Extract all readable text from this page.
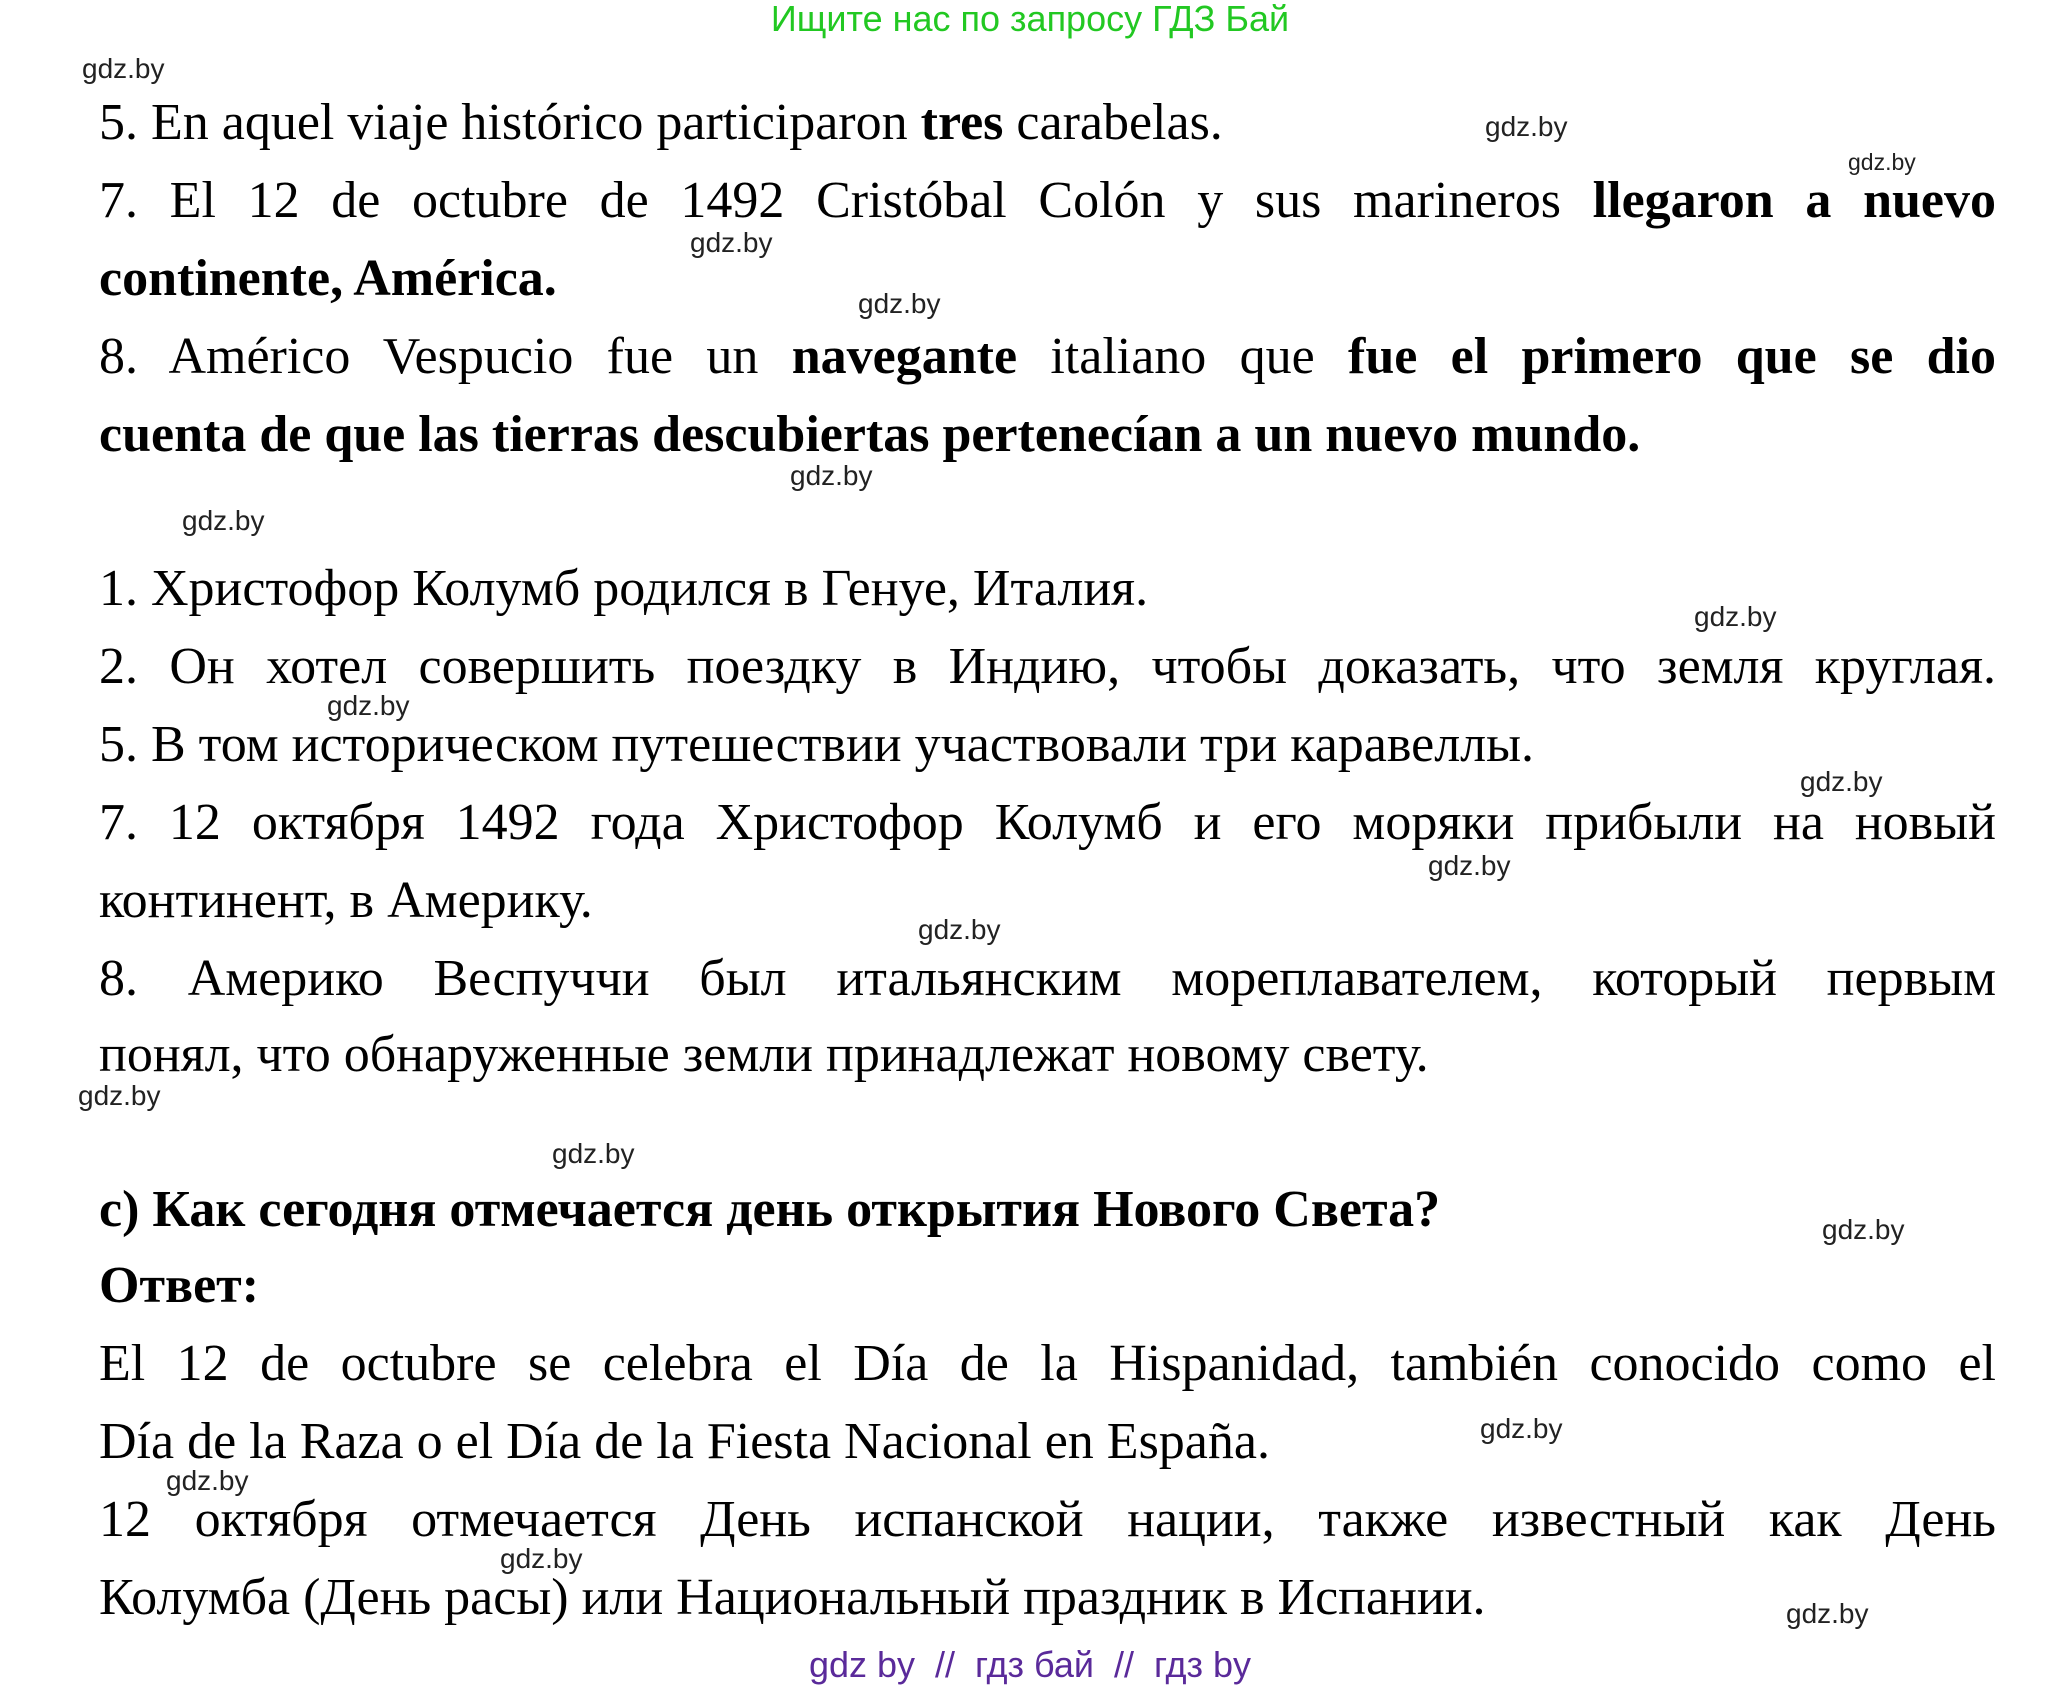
Ищите нас по запросу ГДЗ Бай
5. En aquel viaje histórico participaron tres carabelas.
7. El 12 de octubre de 1492 Cristóbal Colón y sus marineros llegaron a nuevo
continente, América.
8. Américo Vespucio fue un navegante italiano que fue el primero que se dio
cuenta de que las tierras descubiertas pertenecían a un nuevo mundo.
1. Христофор Колумб родился в Генуе, Италия.
2. Он хотел совершить поездку в Индию, чтобы доказать, что земля круглая.
5. В том историческом путешествии участвовали три каравеллы.
7. 12 октября 1492 года Христофор Колумб и его моряки прибыли на новый
континент, в Америку.
8. Америко Веспуччи был итальянским мореплавателем, который первым
понял, что обнаруженные земли принадлежат новому свету.
c) Как сегодня отмечается день открытия Нового Света?
Ответ:
El 12 de octubre se celebra el Día de la Hispanidad, también conocido como el
Día de la Raza o el Día de la Fiesta Nacional en España.
12 октября отмечается День испанской нации, также известный как День
Колумба (День расы) или Национальный праздник в Испании.
gdz.by
gdz.by
gdz.by
gdz.by
gdz.by
gdz.by
gdz.by
gdz.by
gdz.by
gdz.by
gdz.by
gdz.by
gdz.by
gdz.by
gdz.by
gdz.by
gdz.by
gdz.by
gdz.by
gdz by  //  гдз бай  //  гдз by
